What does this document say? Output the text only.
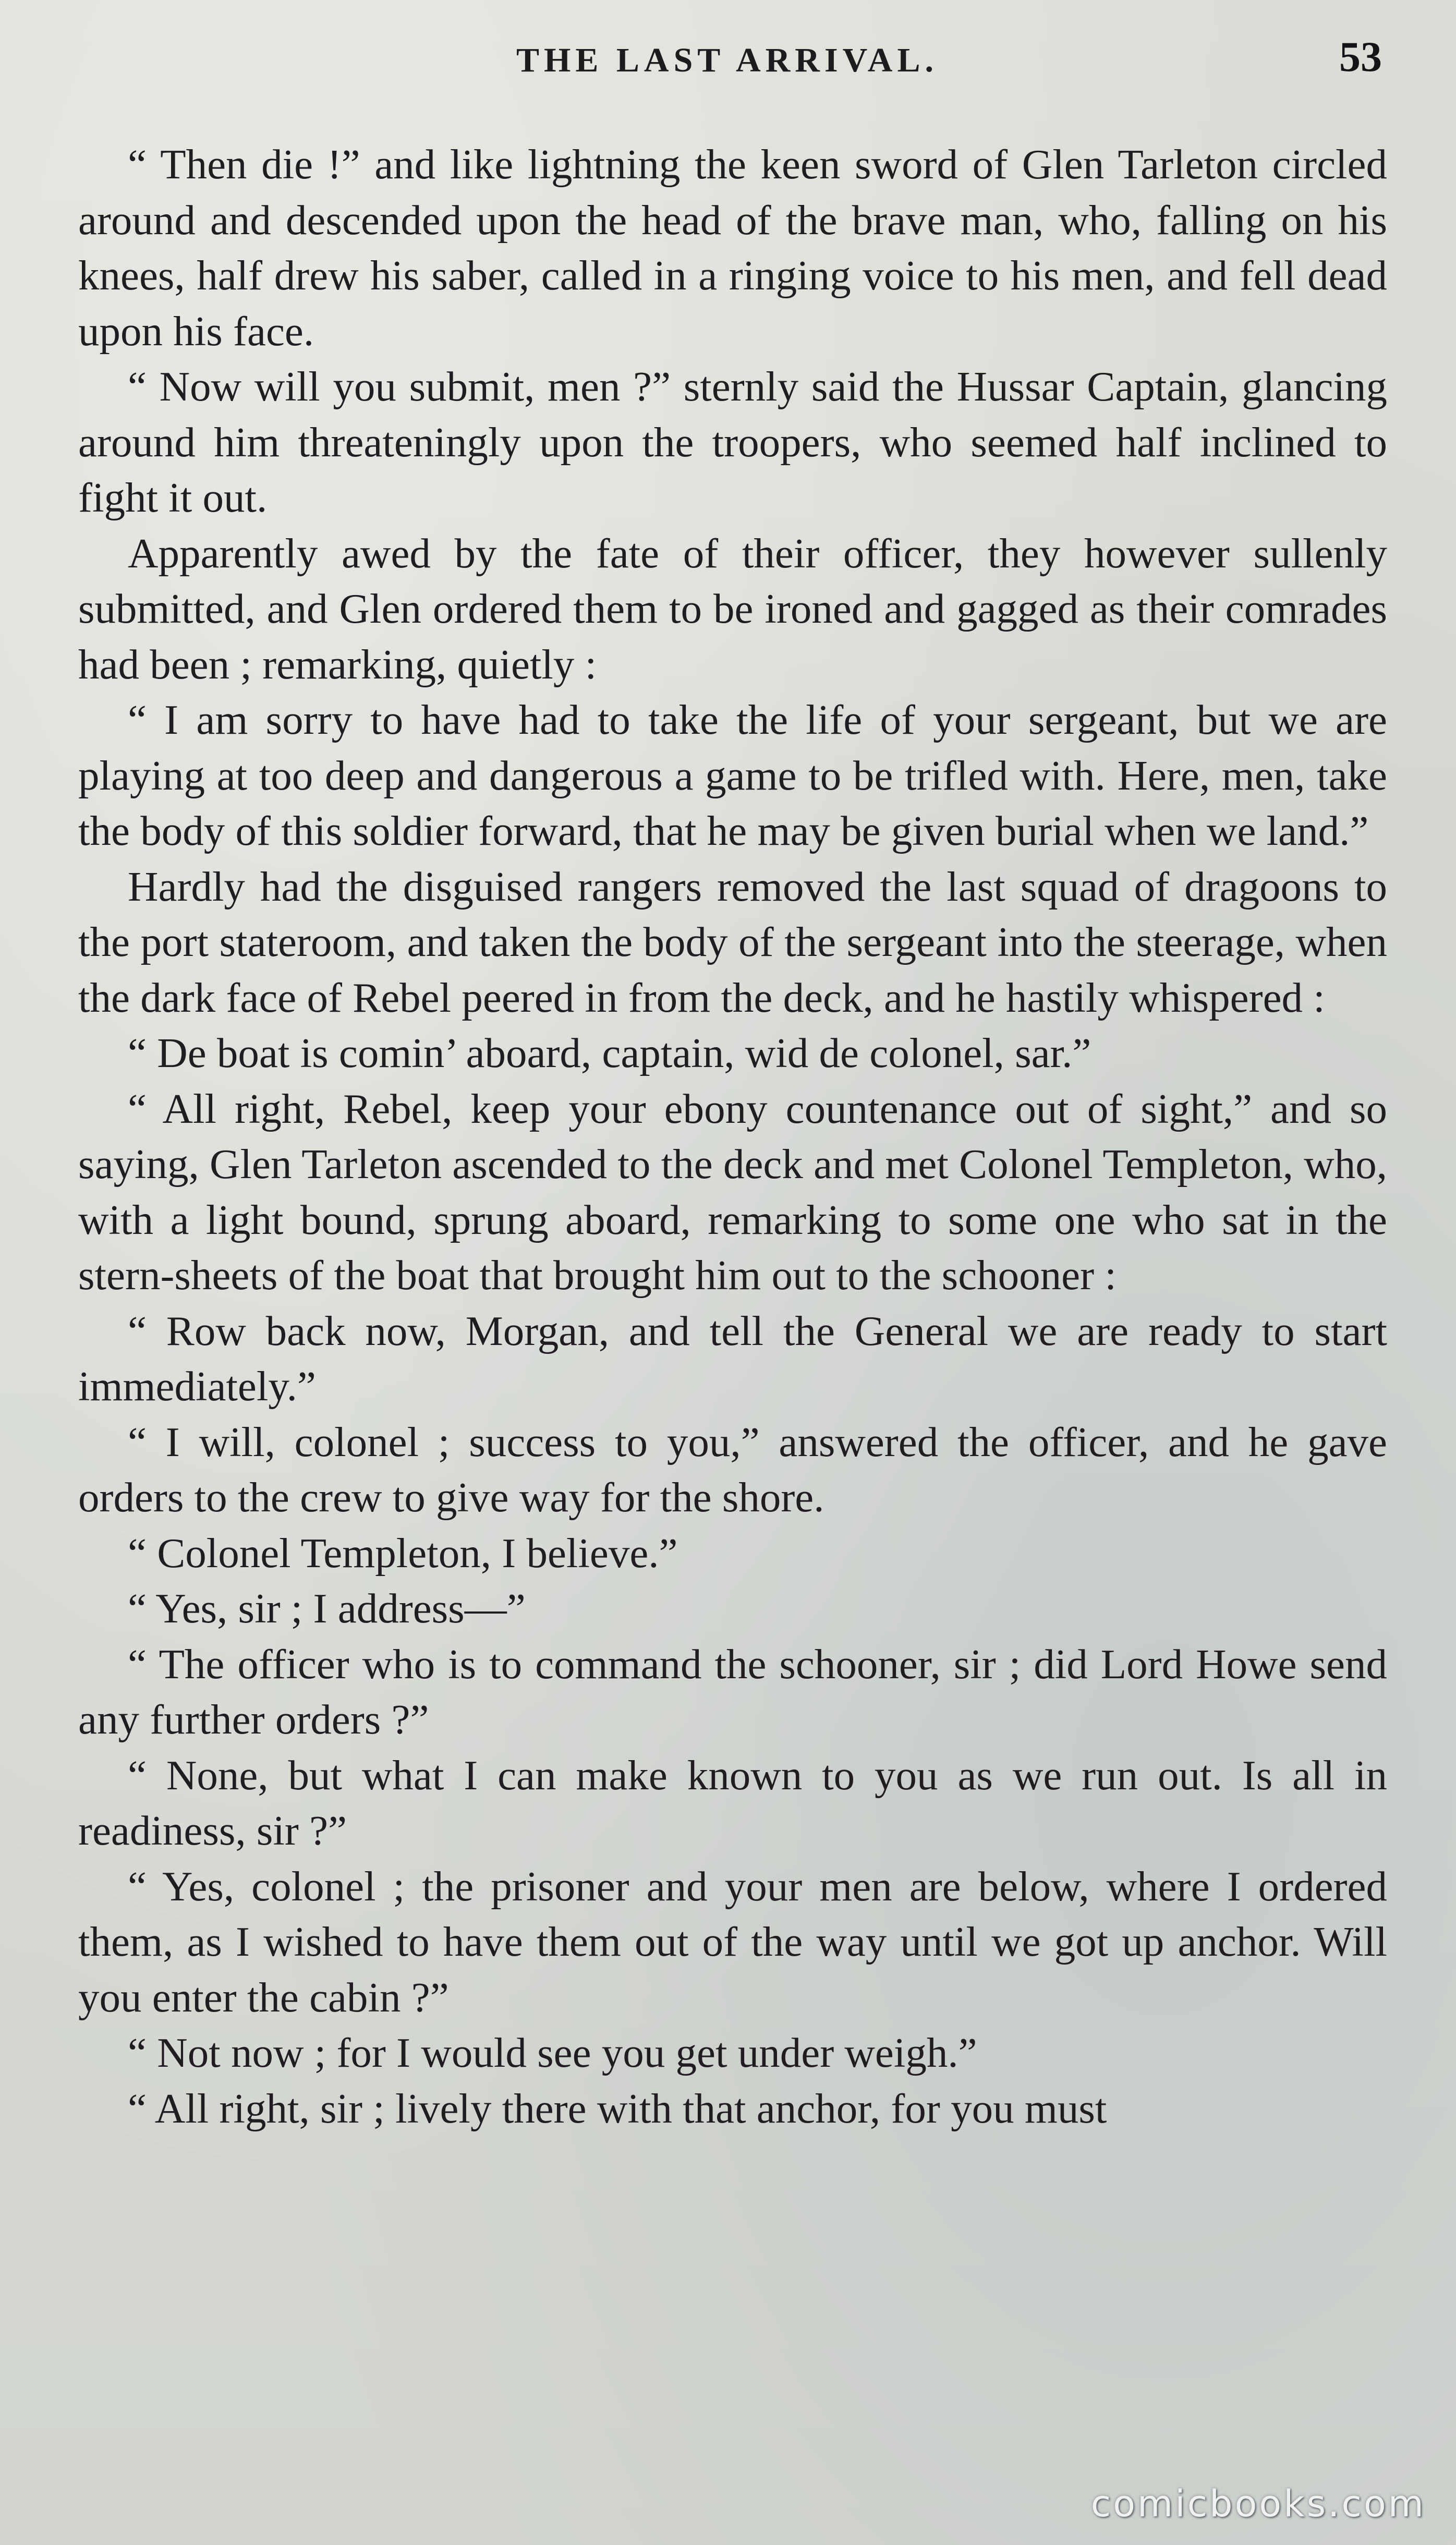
THE LAST ARRIVAL.	53

“ Then die !” and like lightning the keen sword of Glen Tarleton circled around and descended upon the head of the brave man, who, falling on his knees, half drew his saber, called in a ringing voice to his men, and fell dead upon his face.

“ Now will you submit, men ?” sternly said the Hussar Captain, glancing around him threateningly upon the troopers, who seemed half inclined to fight it out.

Apparently awed by the fate of their officer, they however sullenly submitted, and Glen ordered them to be ironed and gagged as their comrades had been ; remarking, quietly :

“ I am sorry to have had to take the life of your sergeant, but we are playing at too deep and dangerous a game to be trifled with. Here, men, take the body of this soldier forward, that he may be given burial when we land.”

Hardly had the disguised rangers removed the last squad of dragoons to the port stateroom, and taken the body of the sergeant into the steerage, when the dark face of Rebel peered in from the deck, and he hastily whispered :

“ De boat is comin’ aboard, captain, wid de colonel, sar.”

“ All right, Rebel, keep your ebony countenance out of sight,” and so saying, Glen Tarleton ascended to the deck and met Colonel Templeton, who, with a light bound, sprung aboard, remarking to some one who sat in the stern-sheets of the boat that brought him out to the schooner :

“ Row back now, Morgan, and tell the General we are ready to start immediately.”

“ I will, colonel ; success to you,” answered the officer, and he gave orders to the crew to give way for the shore.

“ Colonel Templeton, I believe.”

“ Yes, sir ; I address—”

“ The officer who is to command the schooner, sir ; did Lord Howe send any further orders ?”

“ None, but what I can make known to you as we run out. Is all in readiness, sir ?”

“ Yes, colonel ; the prisoner and your men are below, where I ordered them, as I wished to have them out of the way until we got up anchor. Will you enter the cabin ?”

“ Not now ; for I would see you get under weigh.”

“ All right, sir ; lively there with that anchor, for you must

comicbooks.com
